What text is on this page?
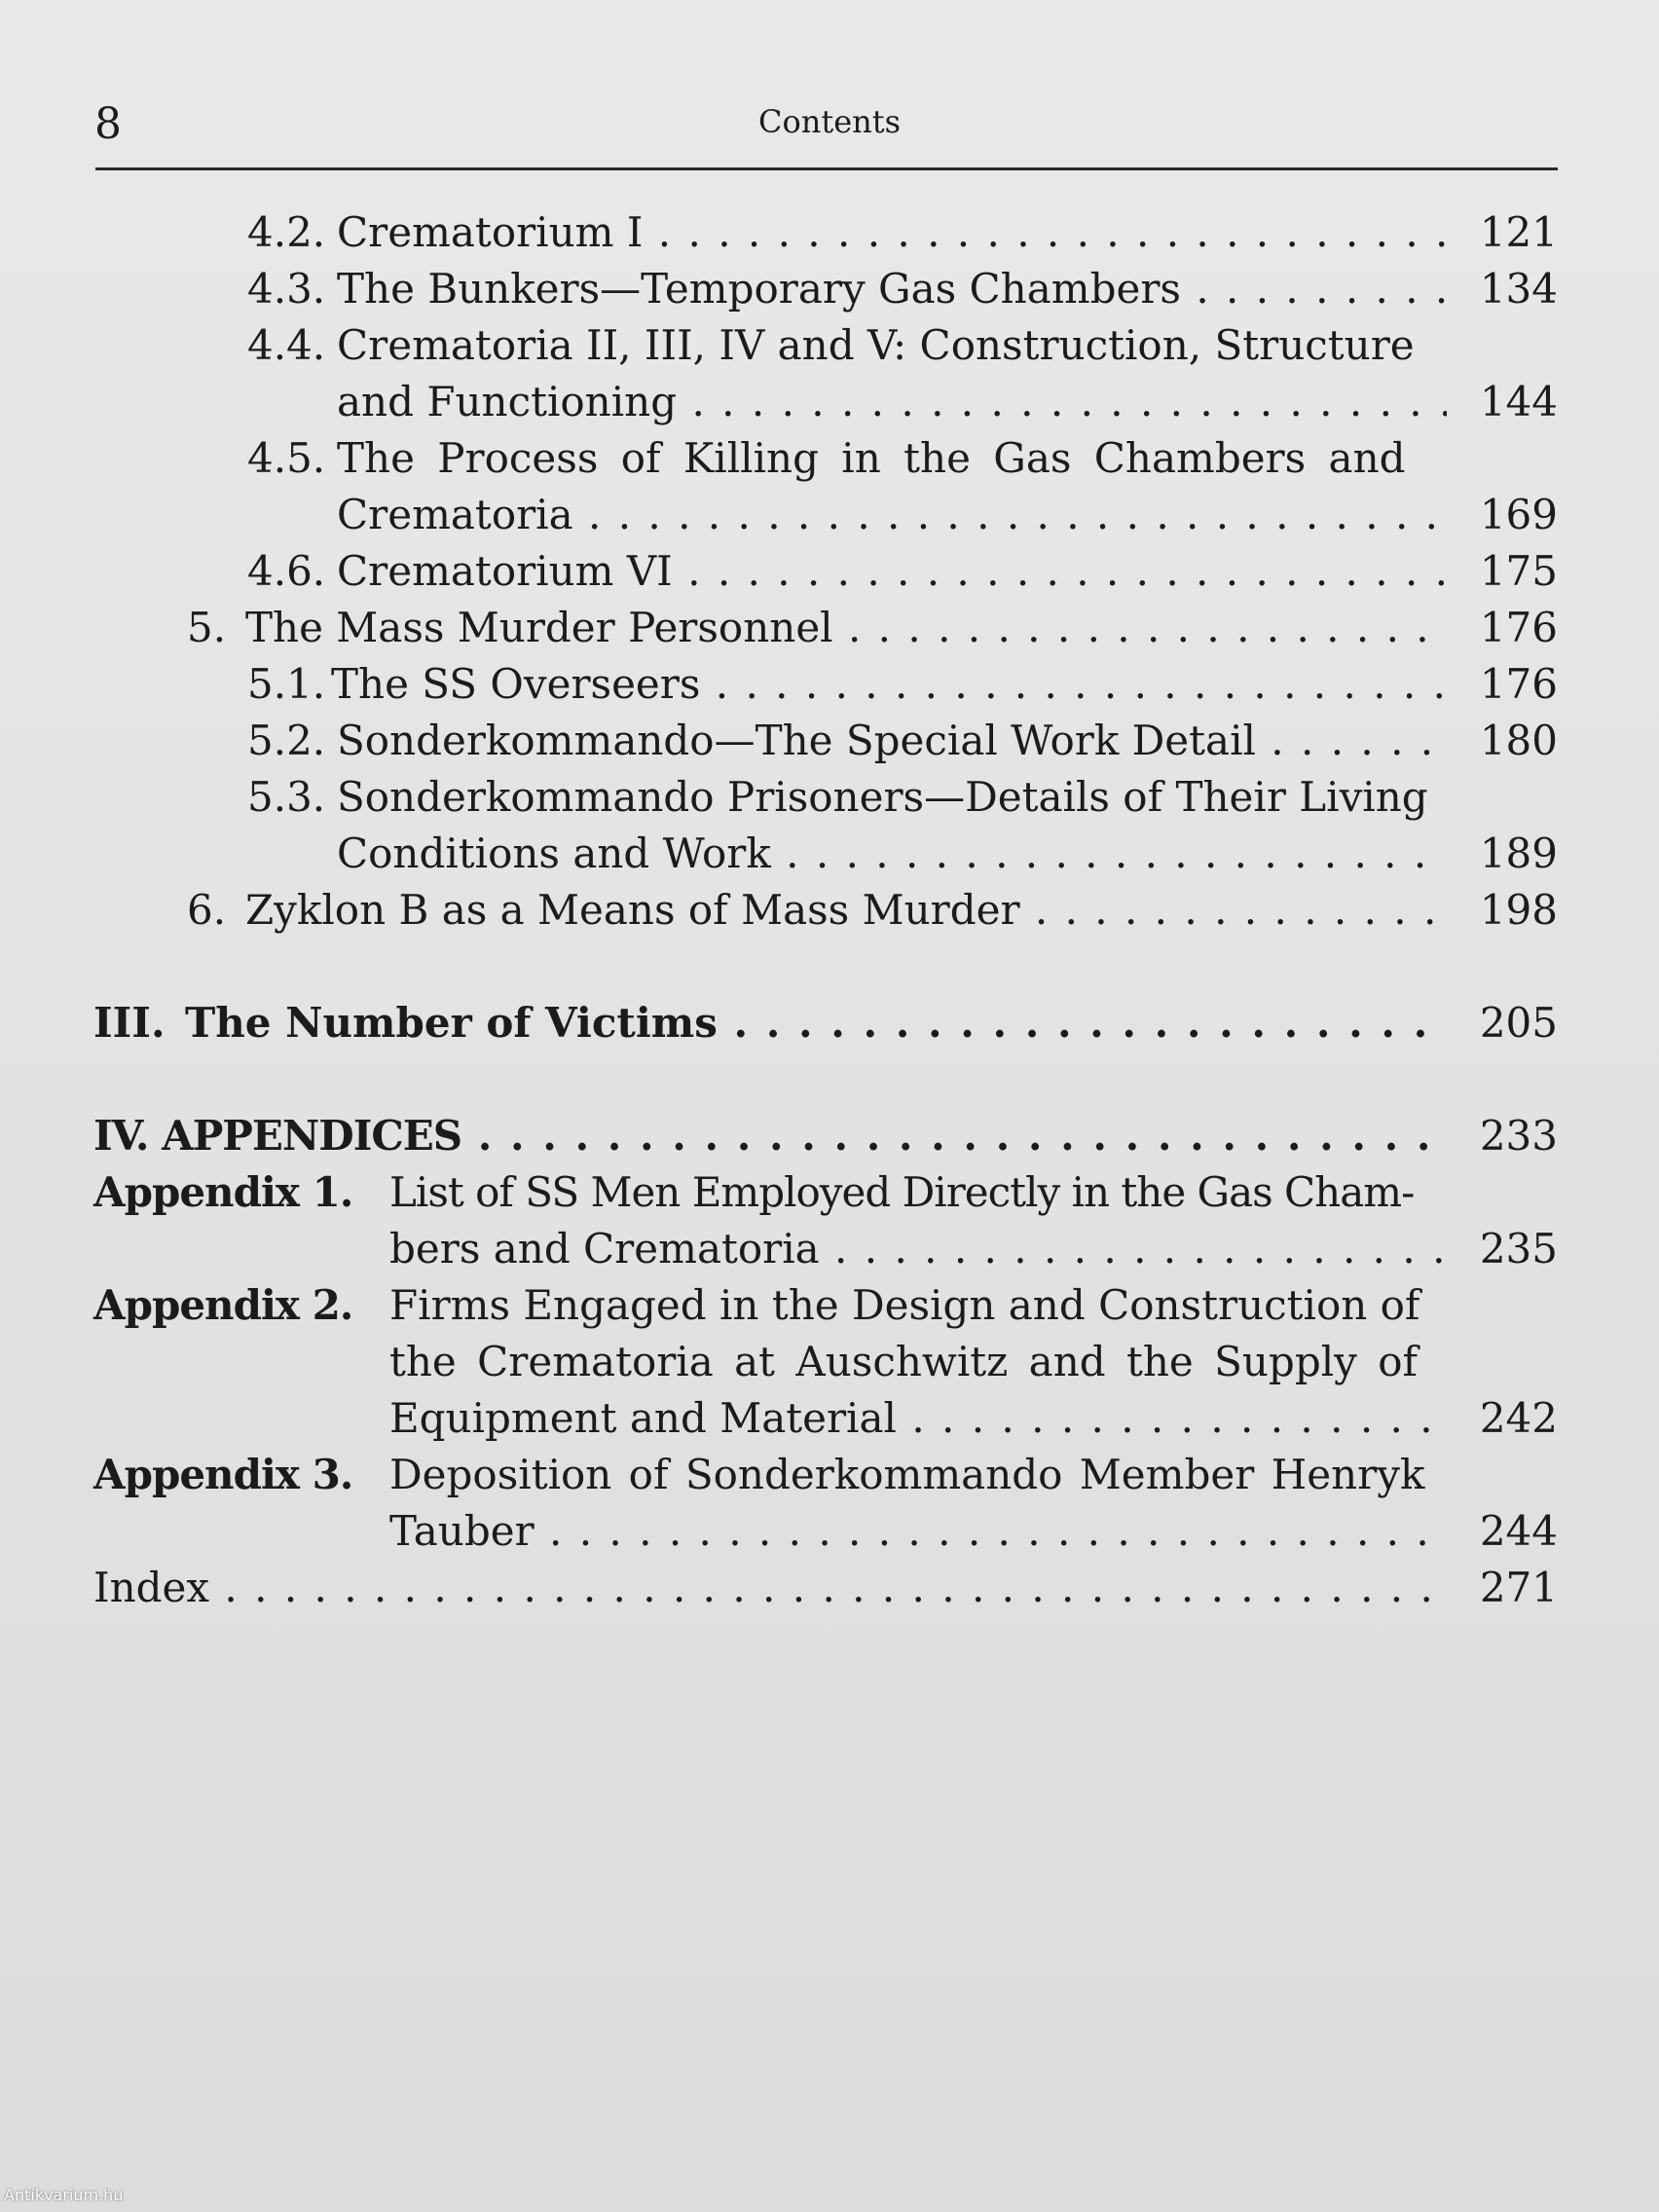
8	Contents
4.2. Crematorium I . . .	121
4.3. The Bunkers—Temporary Gas Chambers . . .	134
4.4. Crematoria II, III, IV and V: Construction, Structure
and Functioning . . .	144
4.5. The Process of Killing in the Gas Chambers and
Crematoria . . .	169
4.6. Crematorium VI . . .	175
5. The Mass Murder Personnel . . .	176
5.1. The SS Overseers . . .	176
5.2. Sonderkommando—The Special Work Detail . . .	180
5.3. Sonderkommando Prisoners—Details of Their Living
Conditions and Work . . .	189
6. Zyklon B as a Means of Mass Murder . . .	198
III. The Number of Victims . . .	205
IV. APPENDICES . . .	233
Appendix 1. List of SS Men Employed Directly in the Gas Cham-
bers and Crematoria . . .	235
Appendix 2. Firms Engaged in the Design and Construction of
the Crematoria at Auschwitz and the Supply of
Equipment and Material . . .	242
Appendix 3. Deposition of Sonderkommando Member Henryk
Tauber . . .	244
Index . . .	271
Antikvarium.hu
